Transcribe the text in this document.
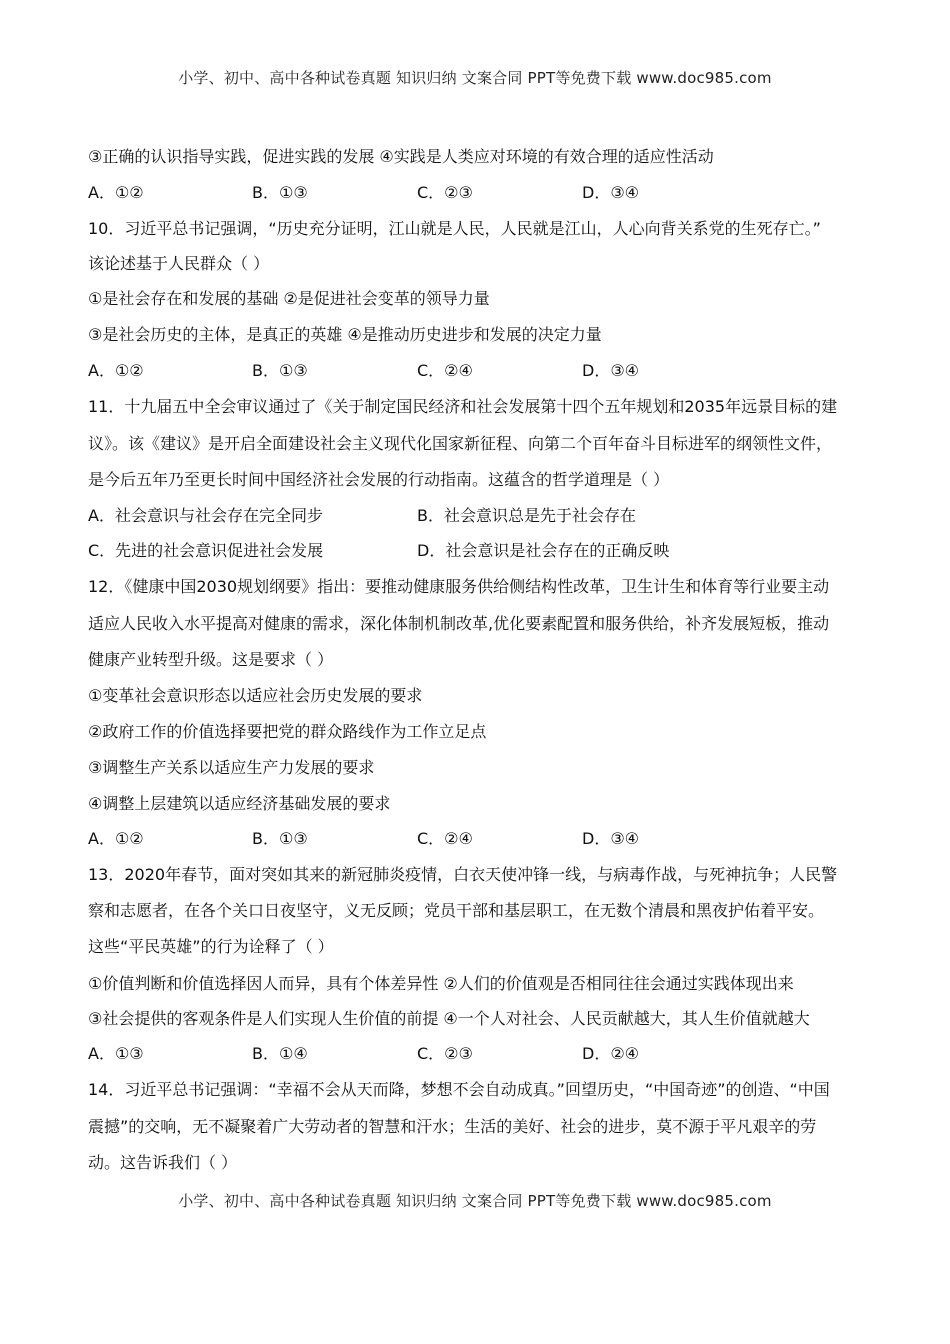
小学、初中、高中各种试卷真题 知识归纳 文案合同 PPT等免费下载 www.doc985.com
③正确的认识指导实践，促进实践的发展 ④实践是人类应对环境的有效合理的适应性活动
A．①②	B．①③	C．②③	D．③④
10．习近平总书记强调，“历史充分证明，江山就是人民，人民就是江山，人心向背关系党的生死存亡。”
该论述基于人民群众（ ）
①是社会存在和发展的基础 ②是促进社会变革的领导力量
③是社会历史的主体，是真正的英雄 ④是推动历史进步和发展的决定力量
A．①②	B．①③	C．②④	D．③④
11．十九届五中全会审议通过了《关于制定国民经济和社会发展第十四个五年规划和2035年远景目标的建
议》。该《建议》是开启全面建设社会主义现代化国家新征程、向第二个百年奋斗目标进军的纲领性文件，
是今后五年乃至更长时间中国经济社会发展的行动指南。这蕴含的哲学道理是（ ）
A．社会意识与社会存在完全同步	B．社会意识总是先于社会存在
C．先进的社会意识促进社会发展	D．社会意识是社会存在的正确反映
12．《健康中国2030规划纲要》指出：要推动健康服务供给侧结构性改革，卫生计生和体育等行业要主动
适应人民收入水平提高对健康的需求，深化体制机制改革,优化要素配置和服务供给，补齐发展短板，推动
健康产业转型升级。这是要求（ ）
①变革社会意识形态以适应社会历史发展的要求
②政府工作的价值选择要把党的群众路线作为工作立足点
③调整生产关系以适应生产力发展的要求
④调整上层建筑以适应经济基础发展的要求
A．①②	B．①③	C．②④	D．③④
13．2020年春节，面对突如其来的新冠肺炎疫情，白衣天使冲锋一线，与病毒作战，与死神抗争；人民警
察和志愿者，在各个关口日夜坚守，义无反顾；党员干部和基层职工，在无数个清晨和黑夜护佑着平安。
这些“平民英雄”的行为诠释了（ ）
①价值判断和价值选择因人而异，具有个体差异性 ②人们的价值观是否相同往往会通过实践体现出来
③社会提供的客观条件是人们实现人生价值的前提 ④一个人对社会、人民贡献越大，其人生价值就越大
A．①③	B．①④	C．②③	D．②④
14．习近平总书记强调：“幸福不会从天而降，梦想不会自动成真。”回望历史，“中国奇迹”的创造、“中国
震撼”的交响，无不凝聚着广大劳动者的智慧和汗水；生活的美好、社会的进步，莫不源于平凡艰辛的劳
动。这告诉我们（ ）
小学、初中、高中各种试卷真题 知识归纳 文案合同 PPT等免费下载 www.doc985.com
